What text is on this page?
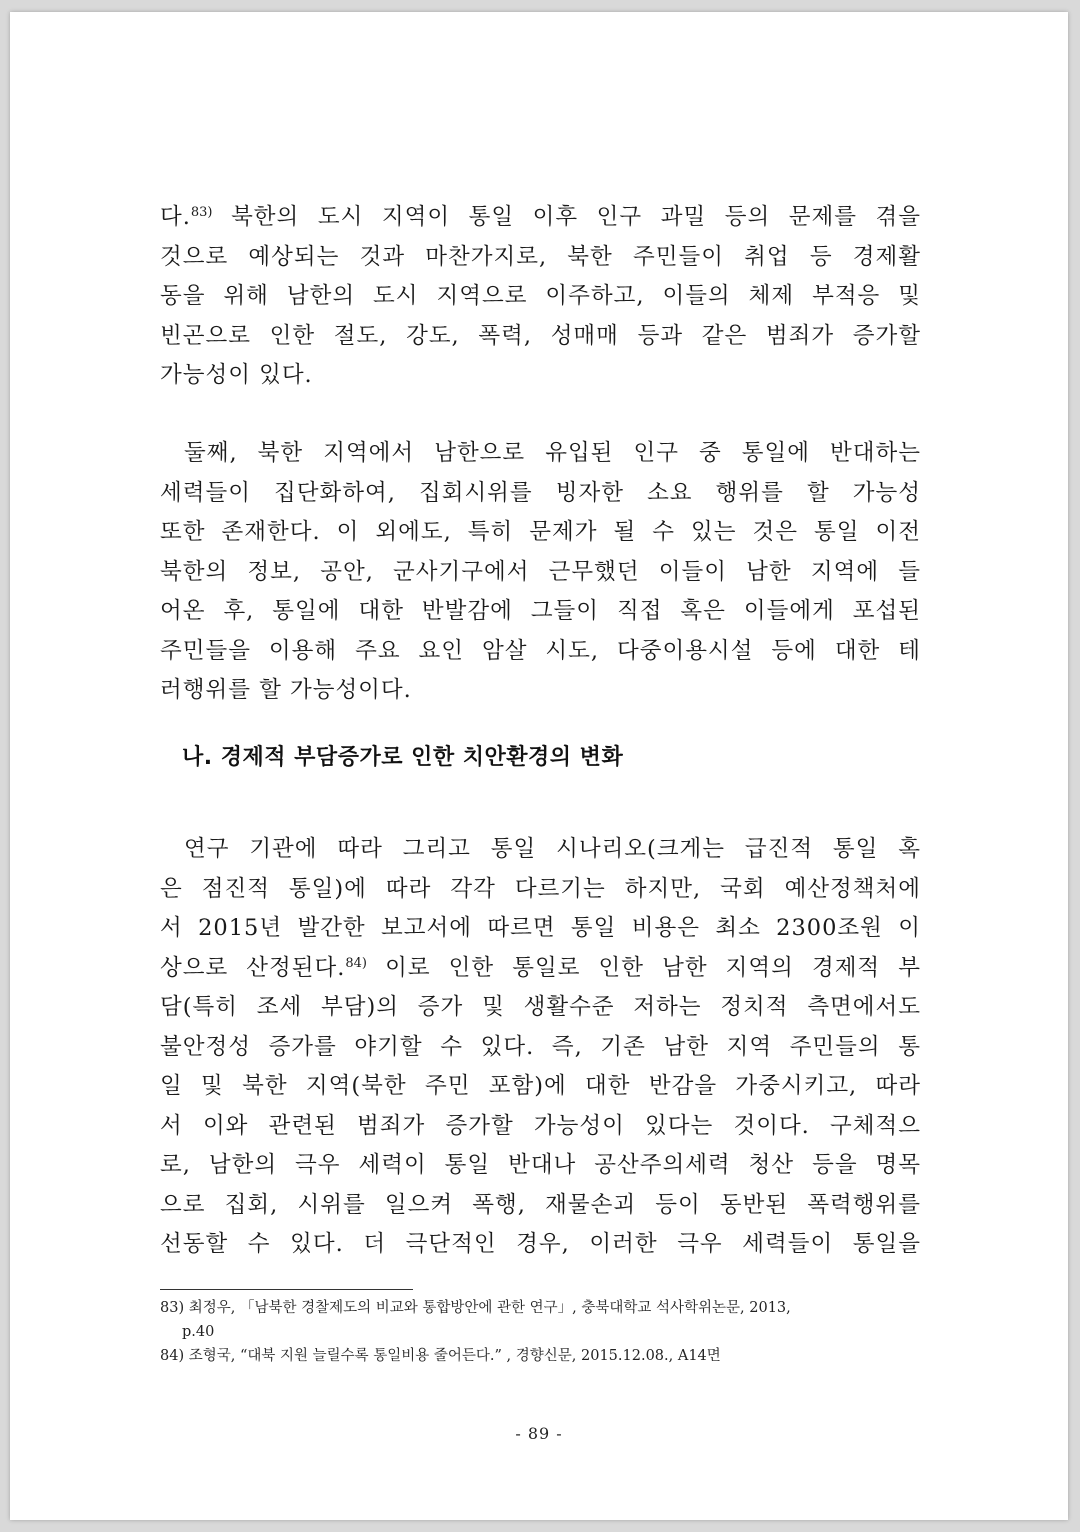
다.$^{83)}$ 북한의 도시 지역이 통일 이후 인구 과밀 등의 문제를 겪을
것으로 예상되는 것과 마찬가지로, 북한 주민들이 취업 등 경제활
동을 위해 남한의 도시 지역으로 이주하고, 이들의 체제 부적응 및
빈곤으로 인한 절도, 강도, 폭력, 성매매 등과 같은 범죄가 증가할
가능성이 있다.
둘째, 북한 지역에서 남한으로 유입된 인구 중 통일에 반대하는
세력들이 집단화하여, 집회시위를 빙자한 소요 행위를 할 가능성
또한 존재한다. 이 외에도, 특히 문제가 될 수 있는 것은 통일 이전
북한의 정보, 공안, 군사기구에서 근무했던 이들이 남한 지역에 들
어온 후, 통일에 대한 반발감에 그들이 직접 혹은 이들에게 포섭된
주민들을 이용해 주요 요인 암살 시도, 다중이용시설 등에 대한 테
러행위를 할 가능성이다.
나. 경제적 부담증가로 인한 치안환경의 변화
연구 기관에 따라 그리고 통일 시나리오(크게는 급진적 통일 혹
은 점진적 통일)에 따라 각각 다르기는 하지만, 국회 예산정책처에
서 2015년 발간한 보고서에 따르면 통일 비용은 최소 2300조원 이
상으로 산정된다.$^{84)}$ 이로 인한 통일로 인한 남한 지역의 경제적 부
담(특히 조세 부담)의 증가 및 생활수준 저하는 정치적 측면에서도
불안정성 증가를 야기할 수 있다. 즉, 기존 남한 지역 주민들의 통
일 및 북한 지역(북한 주민 포함)에 대한 반감을 가중시키고, 따라
서 이와 관련된 범죄가 증가할 가능성이 있다는 것이다. 구체적으
로, 남한의 극우 세력이 통일 반대나 공산주의세력 청산 등을 명목
으로 집회, 시위를 일으켜 폭행, 재물손괴 등이 동반된 폭력행위를
선동할 수 있다. 더 극단적인 경우, 이러한 극우 세력들이 통일을
83) 최정우, 「남북한 경찰제도의 비교와 통합방안에 관한 연구」, 충북대학교 석사학위논문, 2013,
p.40
84) 조형국, “대북 지원 늘릴수록 통일비용 줄어든다.” , 경향신문, 2015.12.08., A14면
- 89 -
